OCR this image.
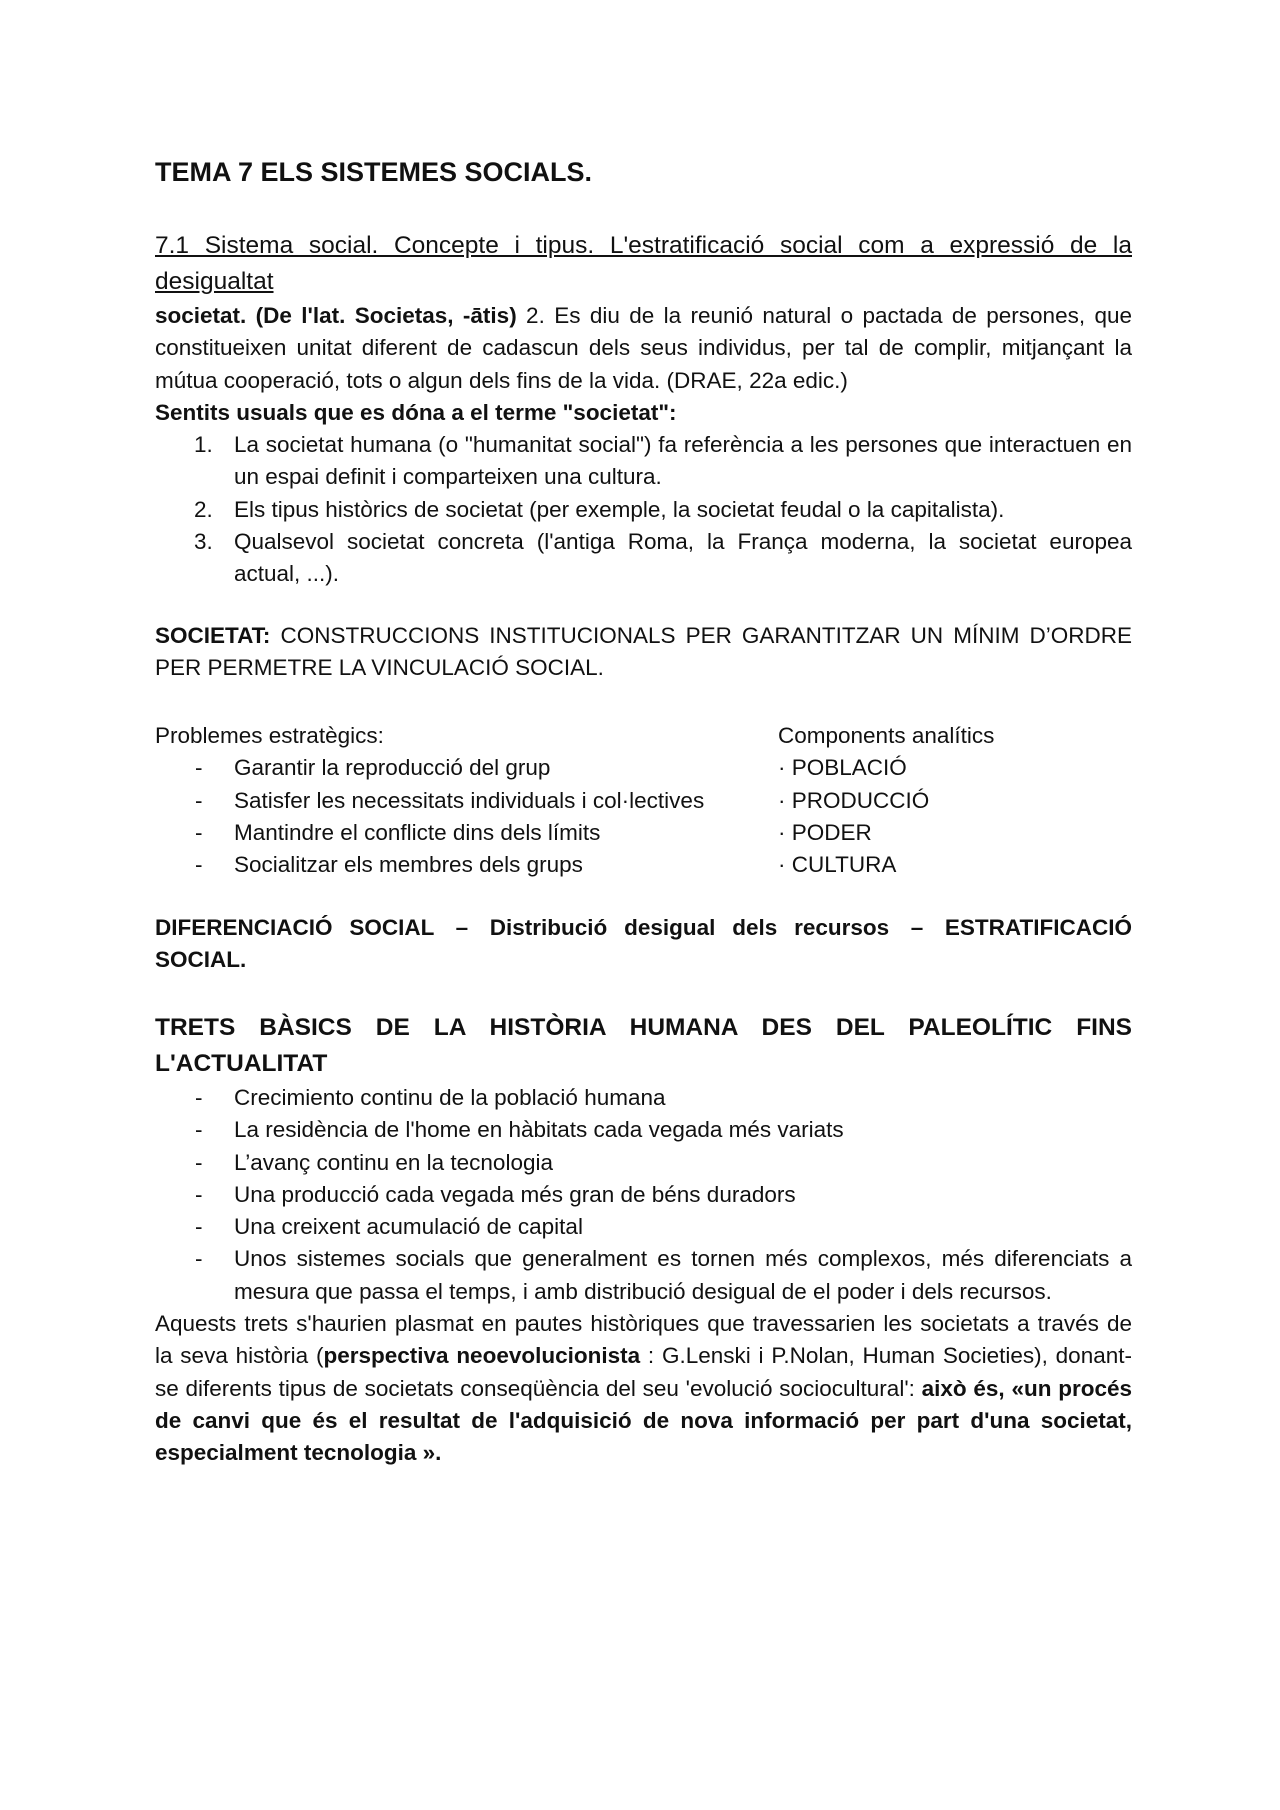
TEMA 7 ELS SISTEMES SOCIALS.
7.1 Sistema social. Concepte i tipus. L'estratificació social com a expressió de la desigualtat

societat. (De l'lat. Societas, -ātis) 2. Es diu de la reunió natural o pactada de persones, que constitueixen unitat diferent de cadascun dels seus individus, per tal de complir, mitjançant la mútua cooperació, tots o algun dels fins de la vida. (DRAE, 22a edic.)

Sentits usuals que es dóna a el terme "societat":

1. La societat humana (o "humanitat social") fa referència a les persones que interactuen en un espai definit i comparteixen una cultura.
2. Els tipus històrics de societat (per exemple, la societat feudal o la capitalista).
3. Qualsevol societat concreta (l'antiga Roma, la França moderna, la societat europea actual, ...).

SOCIETAT: CONSTRUCCIONS INSTITUCIONALS PER GARANTITZAR UN MÍNIM D’ORDRE PER PERMETRE LA VINCULACIÓ SOCIAL.

Problemes estratègics:
- Garantir la reproducció del grup
- Satisfer les necessitats individuals i col·lectives
- Mantindre el conflicte dins dels límits
- Socialitzar els membres dels grups
Components analítics
· POBLACIÓ
· PRODUCCIÓ
· PODER
· CULTURA

DIFERENCIACIÓ SOCIAL – Distribució desigual dels recursos – ESTRATIFICACIÓ SOCIAL.

TRETS BÀSICS DE LA HISTÒRIA HUMANA DES DEL PALEOLÍTIC FINS L'ACTUALITAT
- Crecimiento continu de la població humana
- La residència de l'home en hàbitats cada vegada més variats
- L’avanç continu en la tecnologia
- Una producció cada vegada més gran de béns duradors
- Una creixent acumulació de capital
- Unos sistemes socials que generalment es tornen més complexos, més diferenciats a mesura que passa el temps, i amb distribució desigual de el poder i dels recursos.

Aquests trets s'haurien plasmat en pautes històriques que travessarien les societats a través de la seva història (perspectiva neoevolucionista : G.Lenski i P.Nolan, Human Societies), donant-se diferents tipus de societats conseqüència del seu 'evolució sociocultural': això és, «un procés de canvi que és el resultat de l'adquisició de nova informació per part d'una societat, especialment tecnologia ».
